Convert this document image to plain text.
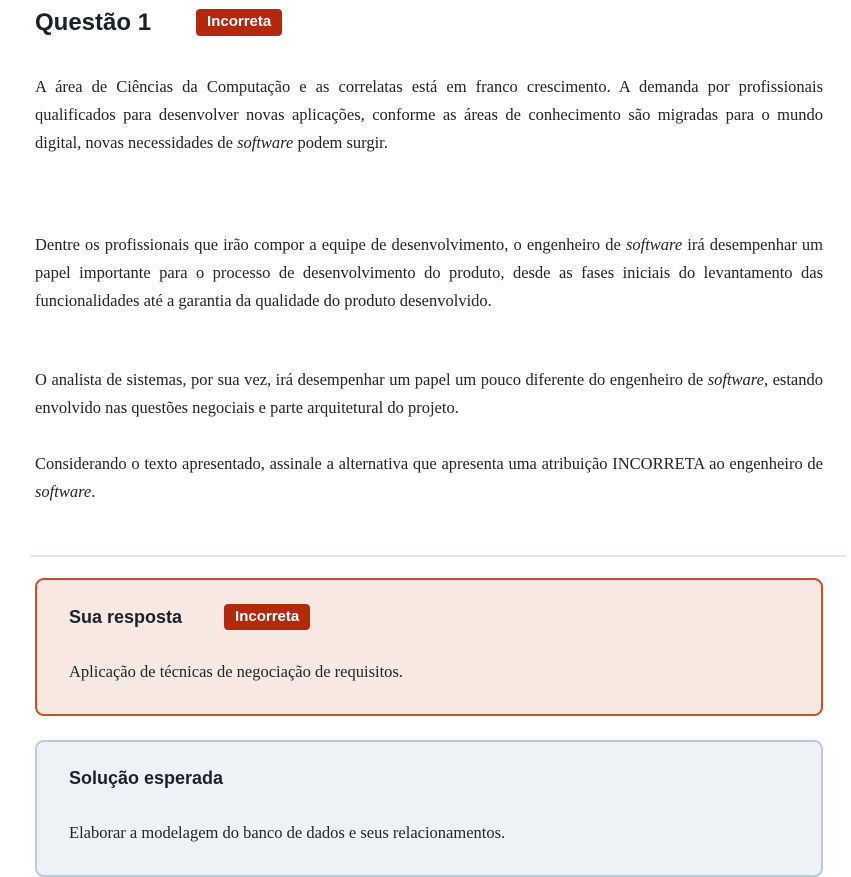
Questão 1	Incorreta

A área de Ciências da Computação e as correlatas está em franco crescimento. A demanda por profissionais qualificados para desenvolver novas aplicações, conforme as áreas de conhecimento são migradas para o mundo digital, novas necessidades de software podem surgir.

Dentre os profissionais que irão compor a equipe de desenvolvimento, o engenheiro de software irá desempenhar um papel importante para o processo de desenvolvimento do produto, desde as fases iniciais do levantamento das funcionalidades até a garantia da qualidade do produto desenvolvido.

O analista de sistemas, por sua vez, irá desempenhar um papel um pouco diferente do engenheiro de software, estando envolvido nas questões negociais e parte arquitetural do projeto.

Considerando o texto apresentado, assinale a alternativa que apresenta uma atribuição INCORRETA ao engenheiro de software.

Sua resposta	Incorreta

Aplicação de técnicas de negociação de requisitos.

Solução esperada

Elaborar a modelagem do banco de dados e seus relacionamentos.
